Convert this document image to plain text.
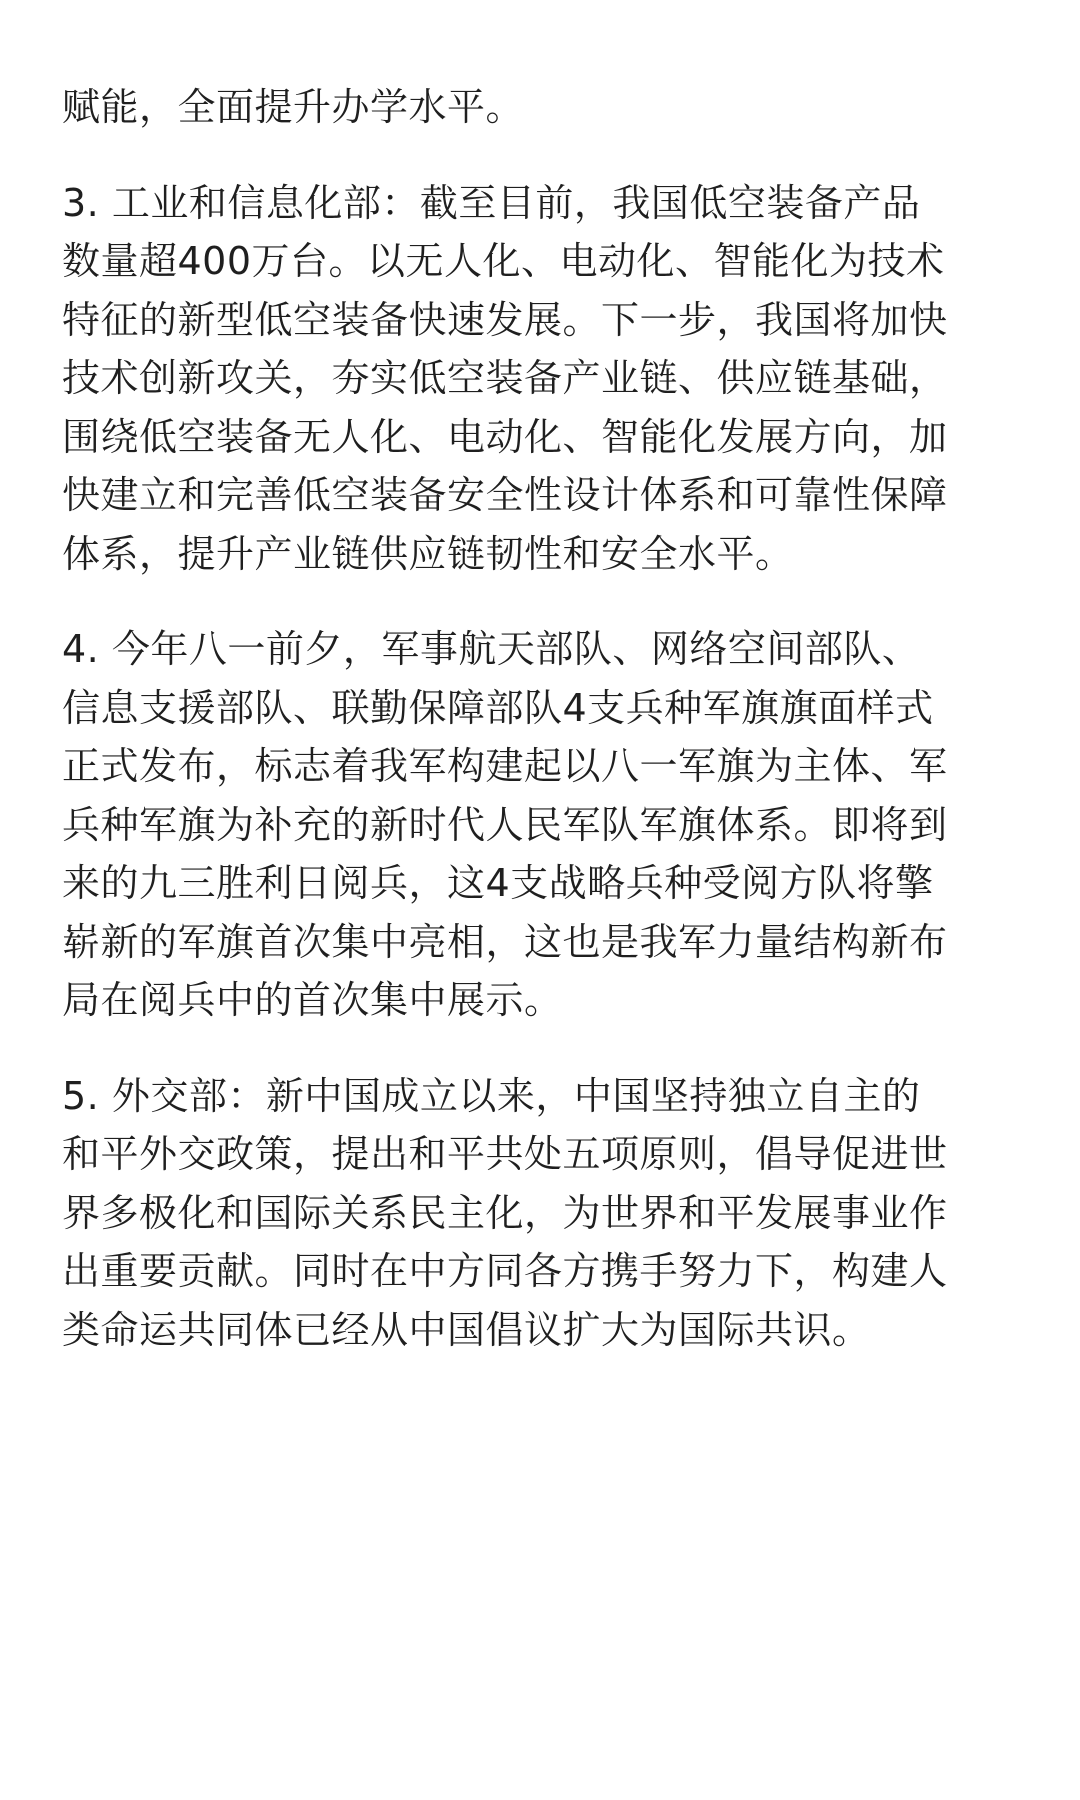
赋能，全面提升办学水平。
3. 工业和信息化部：截至目前，我国低空装备产品
数量超400万台。以无人化、电动化、智能化为技术
特征的新型低空装备快速发展。下一步，我国将加快
技术创新攻关，夯实低空装备产业链、供应链基础，
围绕低空装备无人化、电动化、智能化发展方向，加
快建立和完善低空装备安全性设计体系和可靠性保障
体系，提升产业链供应链韧性和安全水平。
4. 今年八一前夕，军事航天部队、网络空间部队、
信息支援部队、联勤保障部队4支兵种军旗旗面样式
正式发布，标志着我军构建起以八一军旗为主体、军
兵种军旗为补充的新时代人民军队军旗体系。即将到
来的九三胜利日阅兵，这4支战略兵种受阅方队将擎
崭新的军旗首次集中亮相，这也是我军力量结构新布
局在阅兵中的首次集中展示。
5. 外交部：新中国成立以来，中国坚持独立自主的
和平外交政策，提出和平共处五项原则，倡导促进世
界多极化和国际关系民主化，为世界和平发展事业作
出重要贡献。同时在中方同各方携手努力下，构建人
类命运共同体已经从中国倡议扩大为国际共识。
